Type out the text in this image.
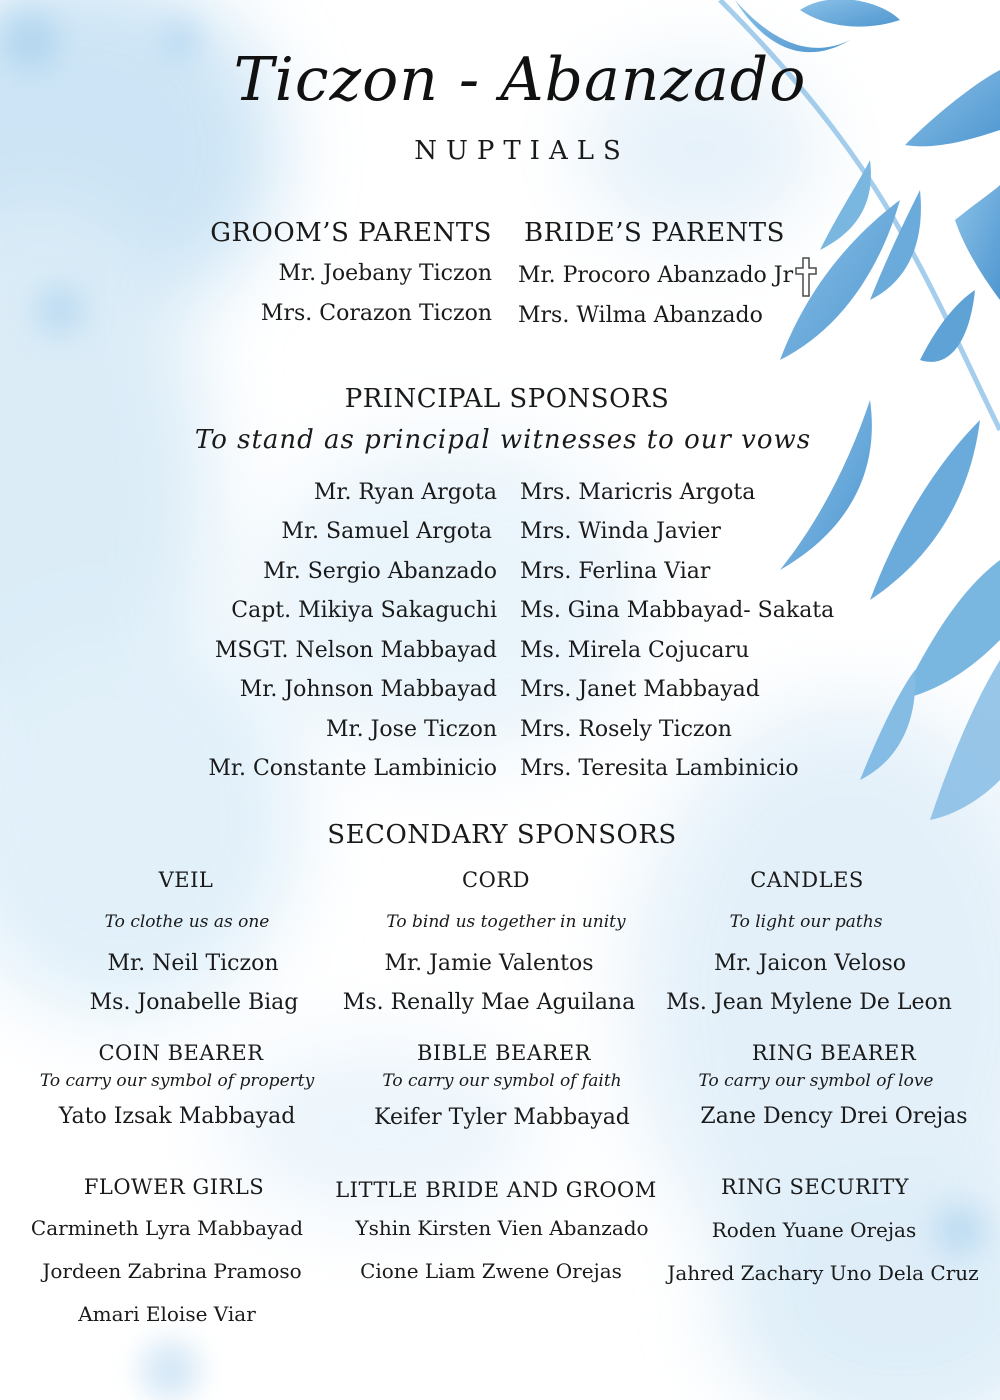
Ticzon - Abanzado
NUPTIALS
GROOM’S PARENTS BRIDE’S PARENTS
Mr. Joebany Ticzon
Mrs. Corazon Ticzon
Mr. Procoro Abanzado Jr
Mrs. Wilma Abanzado
PRINCIPAL SPONSORS
To stand as principal witnesses to our vows
Mr. Ryan Argota
Mr. Samuel Argota
Mr. Sergio Abanzado
Capt. Mikiya Sakaguchi
MSGT. Nelson Mabbayad
Mr. Johnson Mabbayad
Mr. Jose Ticzon
Mr. Constante Lambinicio
Mrs. Maricris Argota
Mrs. Winda Javier
Mrs. Ferlina Viar
Ms. Gina Mabbayad- Sakata
Ms. Mirela Cojucaru
Mrs. Janet Mabbayad
Mrs. Rosely Ticzon
Mrs. Teresita Lambinicio
SECONDARY SPONSORS
VEIL
To clothe us as one
Mr. Neil Ticzon
Ms. Jonabelle Biag
CORD
To bind us together in unity
Mr. Jamie Valentos
Ms. Renally Mae Aguilana
CANDLES
To light our paths
Mr. Jaicon Veloso
Ms. Jean Mylene De Leon
COIN BEARER
To carry our symbol of property
Yato Izsak Mabbayad
BIBLE BEARER
To carry our symbol of faith
Keifer Tyler Mabbayad
RING BEARER
To carry our symbol of love
Zane Dency Drei Orejas
FLOWER GIRLS
Carmineth Lyra Mabbayad
Jordeen Zabrina Pramoso
Amari Eloise Viar
LITTLE BRIDE AND GROOM
Yshin Kirsten Vien Abanzado
Cione Liam Zwene Orejas
RING SECURITY
Roden Yuane Orejas
Jahred Zachary Uno Dela Cruz
